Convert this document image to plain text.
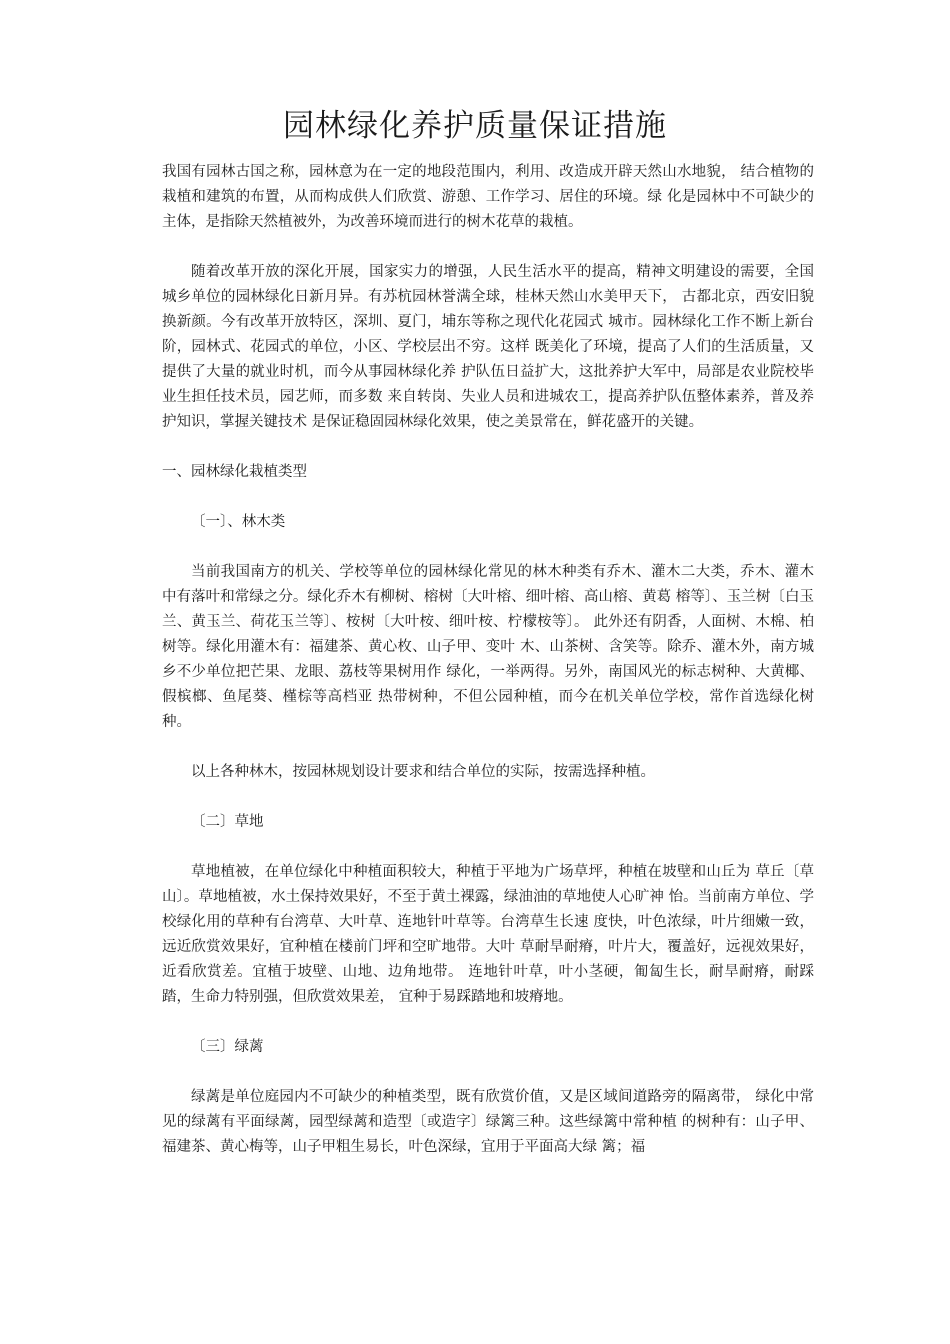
园林绿化养护质量保证措施

我国有园林古国之称，园林意为在一定的地段范围内，利用、改造成开辟天然山水地貌， 结合植物的栽植和建筑的布置，从而构成供人们欣赏、游憩、工作学习、居住的环境。绿 化是园林中不可缺少的主体，是指除天然植被外，为改善环境而进行的树木花草的栽植。

随着改革开放的深化开展，国家实力的增强，人民生活水平的提高，精神文明建设的需要，全国城乡单位的园林绿化日新月异。有苏杭园林誉满全球，桂林天然山水美甲天下， 古都北京，西安旧貌换新颜。今有改革开放特区，深圳、夏门，埔东等称之现代化花园式 城市。园林绿化工作不断上新台阶，园林式、花园式的单位，小区、学校层出不穷。这样 既美化了环境，提高了人们的生活质量，又提供了大量的就业时机，而今从事园林绿化养 护队伍日益扩大，这批养护大军中，局部是农业院校毕业生担任技术员，园艺师，而多数 来自转岗、失业人员和进城农工，提高养护队伍整体素养，普及养护知识，掌握关键技术 是保证稳固园林绿化效果，使之美景常在，鲜花盛开的关键。

一、园林绿化栽植类型

〔一〕、林木类

当前我国南方的机关、学校等单位的园林绿化常见的林木种类有乔木、灌木二大类，乔木、灌木中有落叶和常绿之分。绿化乔木有柳树、榕树〔大叶榕、细叶榕、高山榕、黄葛 榕等〕、玉兰树〔白玉兰、黄玉兰、荷花玉兰等〕、桉树〔大叶桉、细叶桉、柠檬桉等〕。 此外还有阴香，人面树、木棉、柏树等。绿化用灌木有：福建茶、黄心枚、山子甲、变叶 木、山茶树、含笑等。除乔、灌木外，南方城乡不少单位把芒果、龙眼、荔枝等果树用作 绿化，一举两得。另外，南国风光的标志树种、大黄椰、假槟榔、鱼尾葵、槿棕等高档亚 热带树种，不但公园种植，而今在机关单位学校，常作首选绿化树种。

以上各种林木，按园林规划设计要求和结合单位的实际，按需选择种植。

〔二〕草地

草地植被，在单位绿化中种植面积较大，种植于平地为广场草坪，种植在坡壁和山丘为 草丘〔草山〕。草地植被，水土保持效果好，不至于黄土裸露，绿油油的草地使人心旷神 怡。当前南方单位、学校绿化用的草种有台湾草、大叶草、连地针叶草等。台湾草生长速 度快，叶色浓绿，叶片细嫩一致，远近欣赏效果好，宜种植在楼前门坪和空旷地带。大叶 草耐旱耐瘠，叶片大，覆盖好，远视效果好，近看欣赏差。宜植于坡壁、山地、边角地带。 连地针叶草，叶小茎硬，匍匐生长，耐旱耐瘠，耐踩踏，生命力特别强，但欣赏效果差， 宜种于易踩踏地和坡瘠地。

〔三〕绿蓠

绿蓠是单位庭园内不可缺少的种植类型，既有欣赏价值，又是区域间道路旁的隔离带， 绿化中常见的绿蓠有平面绿蓠，园型绿蓠和造型〔或造字〕绿篱三种。这些绿篱中常种植 的树种有：山子甲、福建茶、黄心梅等，山子甲粗生易长，叶色深绿，宜用于平面高大绿 篱；福
